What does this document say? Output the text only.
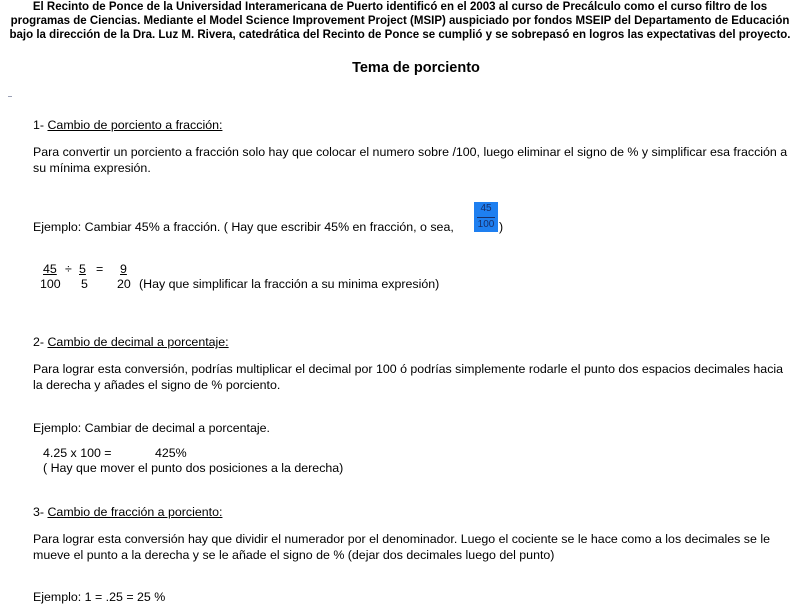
El Recinto de Ponce de la Universidad Interamericana de Puerto identificó en el 2003 al curso de Precálculo como el curso filtro de los
programas de Ciencias. Mediante el Model Science Improvement Project (MSIP) auspiciado por fondos MSEIP del Departamento de Educación
bajo la dirección de la Dra. Luz M. Rivera, catedrática del Recinto de Ponce se cumplió y se sobrepasó en logros las expectativas del proyecto.
Tema de porciento
1- Cambio de porciento a fracción:
Para convertir un porciento a fracción solo hay que colocar el numero sobre /100, luego eliminar el signo de % y simplificar esa fracción a
su mínima expresión.
Ejemplo: Cambiar 45% a fracción. ( Hay que escribir 45% en fracción, o sea,
45
100 )
45
100
÷ 5
5
= 9
20 (Hay que simplificar la fracción a su minima expresión)
2- Cambio de decimal a porcentaje:
Para lograr esta conversión, podrías multiplicar el decimal por 100 ó podrías simplemente rodarle el punto dos espacios decimales hacia
la derecha y añades el signo de % porciento.
Ejemplo: Cambiar de decimal a porcentaje.
4.25 x 100 =	425%
( Hay que mover el punto dos posiciones a la derecha)
3- Cambio de fracción a porciento:
Para lograr esta conversión hay que dividir el numerador por el denominador. Luego el cociente se le hace como a los decimales se le
mueve el punto a la derecha y se le añade el signo de % (dejar dos decimales luego del punto)
Ejemplo: 1 = .25 = 25 %
